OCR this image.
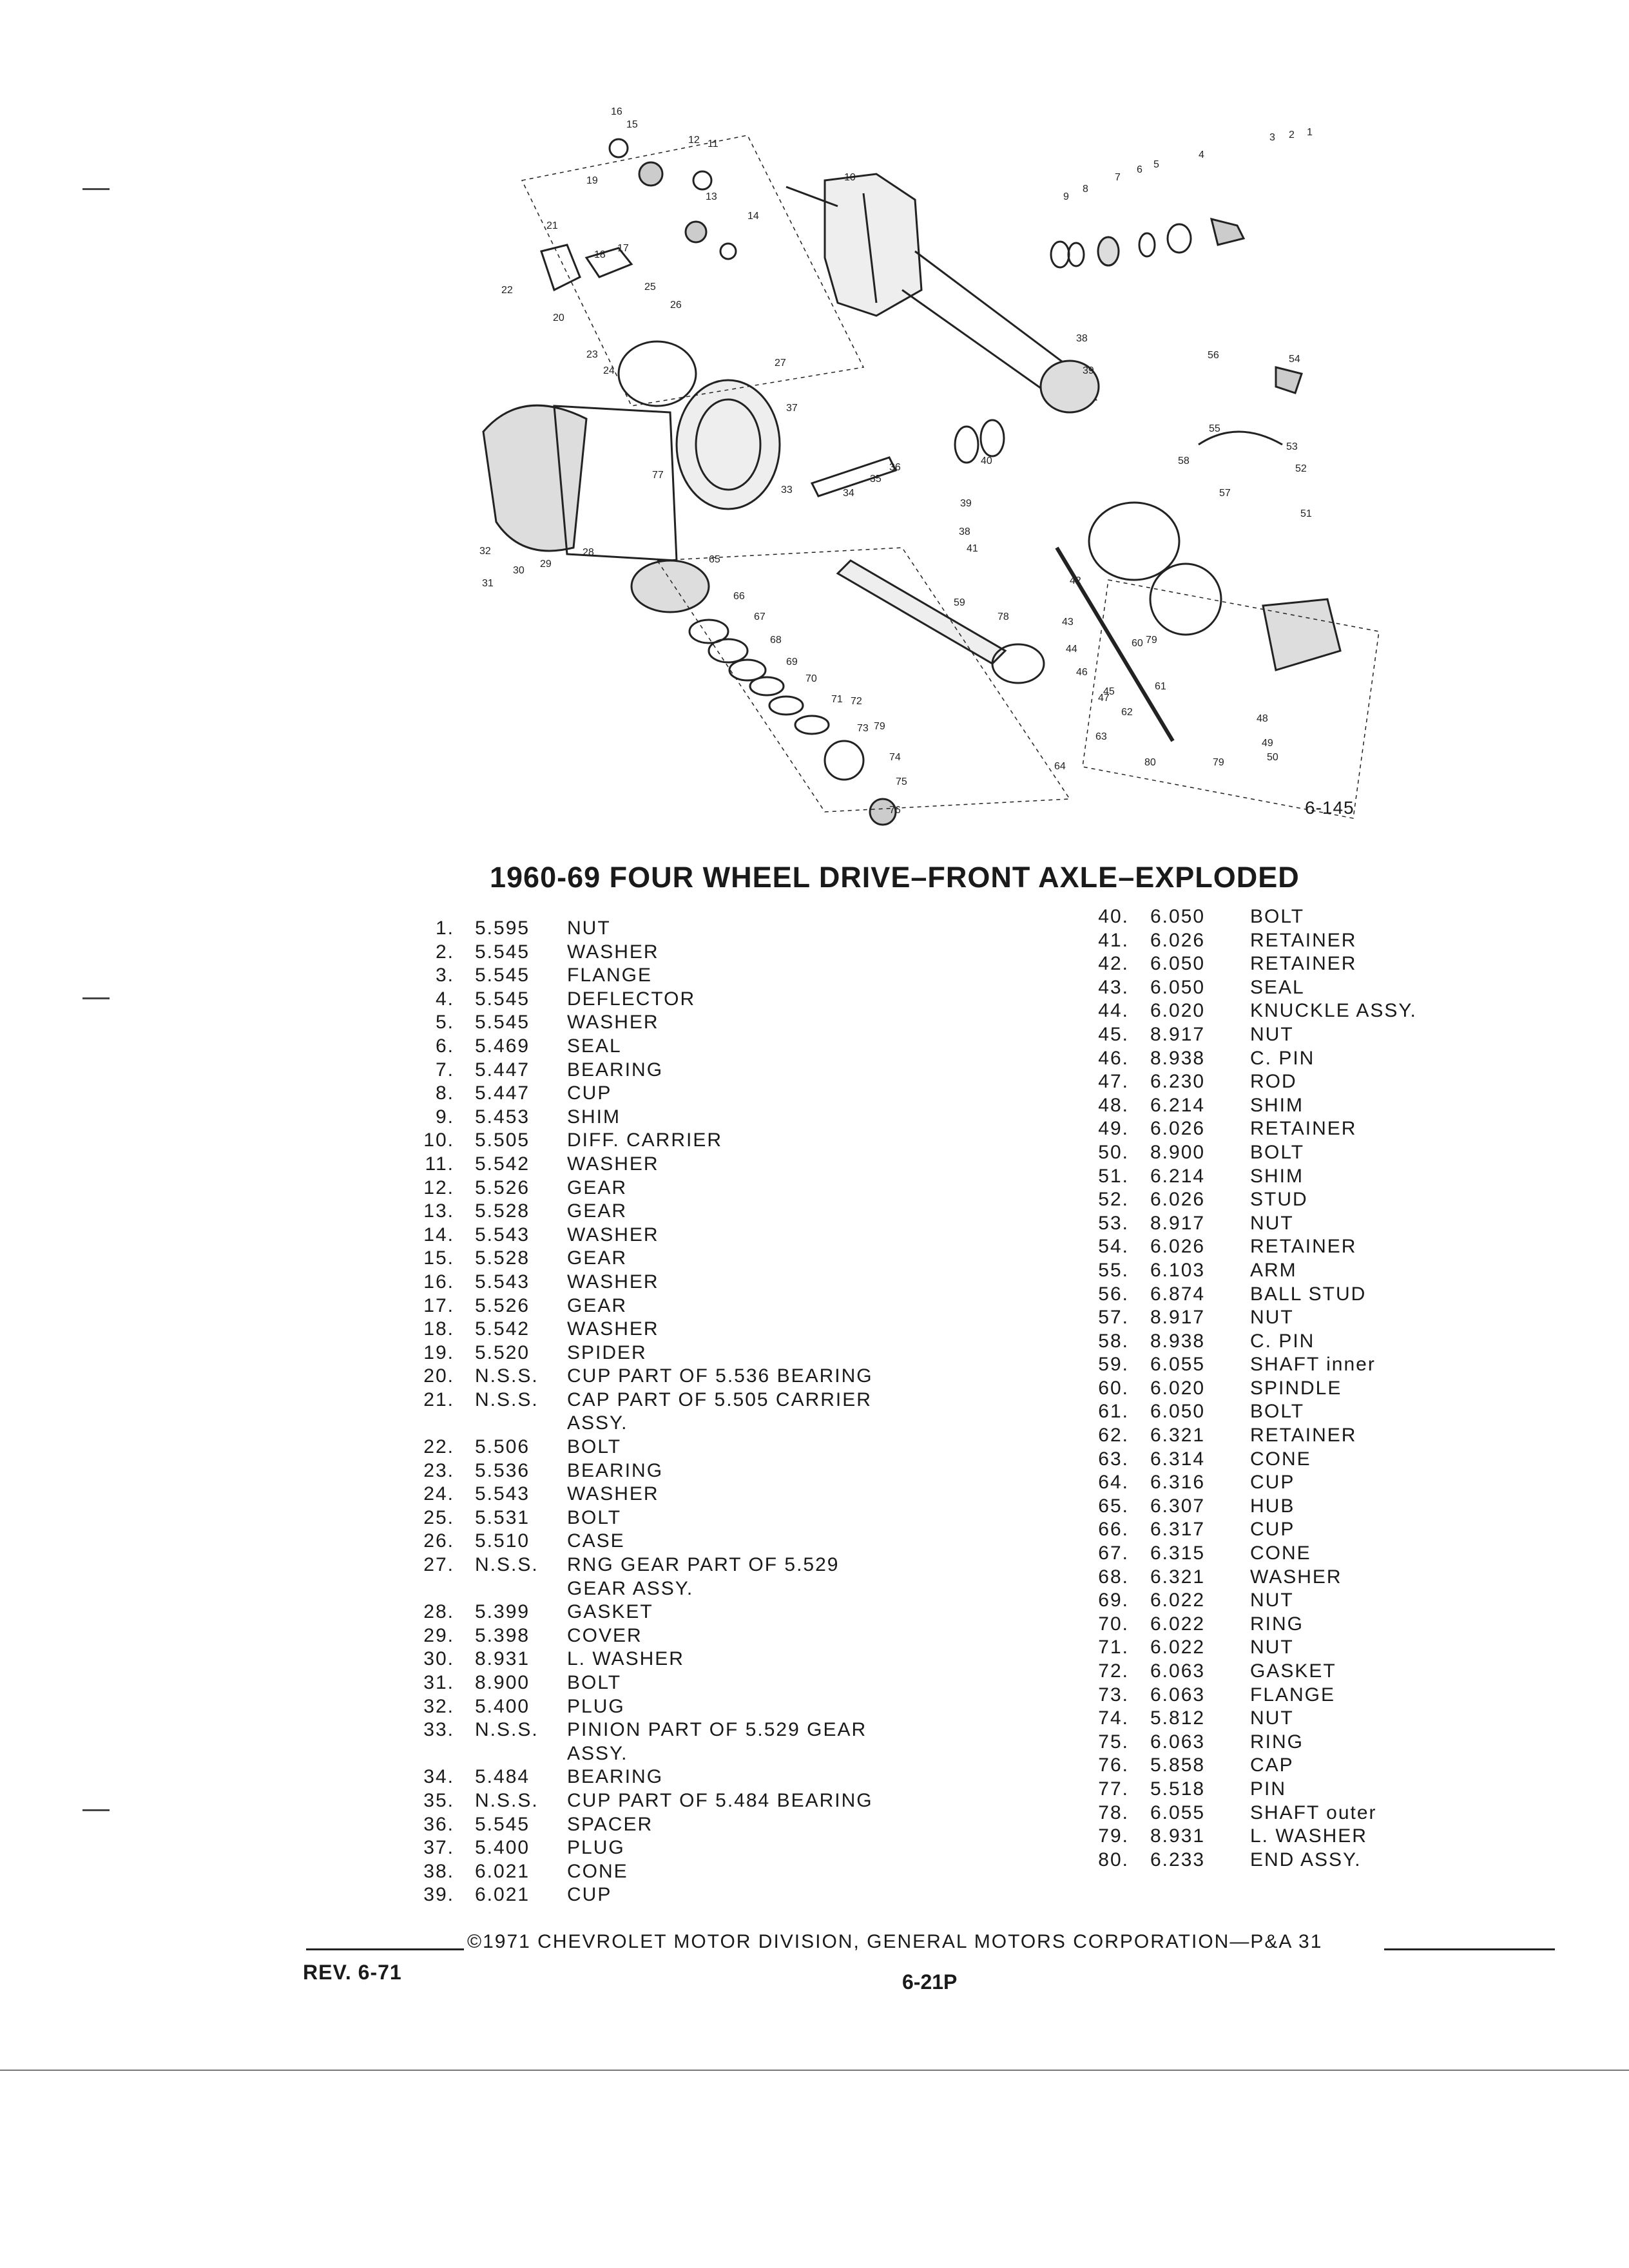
16
15
12 11
13
14
19
21
18
17
22
20
23
24
25
26
27
77
32
31
30
29
28
33	34
35
36
37
38
39
39
38
41
40
42
43
44
46
45
47
80	79
48
49
50
51
52
53
54
55
56
57
58
59
60 79
61
62
63
64
78
65
66
67
68
69
70
71 72
73 79
74
75
76
10
9
8
7
6 5
4
3 2 1
6-145
1960-69 FOUR WHEEL DRIVE–FRONT AXLE–EXPLODED
1. 5.595 NUT
2. 5.545 WASHER
3. 5.545 FLANGE
4. 5.545 DEFLECTOR
5. 5.545 WASHER
6. 5.469 SEAL
7. 5.447 BEARING
8. 5.447 CUP
9. 5.453 SHIM
10. 5.505 DIFF. CARRIER
11. 5.542 WASHER
12. 5.526 GEAR
13. 5.528 GEAR
14. 5.543 WASHER
15. 5.528 GEAR
16. 5.543 WASHER
17. 5.526 GEAR
18. 5.542 WASHER
19. 5.520 SPIDER
20. N.S.S. CUP PART OF 5.536 BEARING
21. N.S.S. CAP PART OF 5.505 CARRIER
ASSY.
22. 5.506 BOLT
23. 5.536 BEARING
24. 5.543 WASHER
25. 5.531 BOLT
26. 5.510 CASE
27. N.S.S. RNG GEAR PART OF 5.529
GEAR ASSY.
28. 5.399 GASKET
29. 5.398 COVER
30. 8.931 L. WASHER
31. 8.900 BOLT
32. 5.400 PLUG
33. N.S.S. PINION PART OF 5.529 GEAR
ASSY.
34. 5.484 BEARING
35. N.S.S. CUP PART OF 5.484 BEARING
36. 5.545 SPACER
37. 5.400 PLUG
38. 6.021 CONE
39. 6.021 CUP
40. 6.050 BOLT
41. 6.026 RETAINER
42. 6.050 RETAINER
43. 6.050 SEAL
44. 6.020 KNUCKLE ASSY.
45. 8.917 NUT
46. 8.938 C. PIN
47. 6.230 ROD
48. 6.214 SHIM
49. 6.026 RETAINER
50. 8.900 BOLT
51. 6.214 SHIM
52. 6.026 STUD
53. 8.917 NUT
54. 6.026 RETAINER
55. 6.103 ARM
56. 6.874 BALL STUD
57. 8.917 NUT
58. 8.938 C. PIN
59. 6.055 SHAFT inner
60. 6.020 SPINDLE
61. 6.050 BOLT
62. 6.321 RETAINER
63. 6.314 CONE
64. 6.316 CUP
65. 6.307 HUB
66. 6.317 CUP
67. 6.315 CONE
68. 6.321 WASHER
69. 6.022 NUT
70. 6.022 RING
71. 6.022 NUT
72. 6.063 GASKET
73. 6.063 FLANGE
74. 5.812 NUT
75. 6.063 RING
76. 5.858 CAP
77. 5.518 PIN
78. 6.055 SHAFT outer
79. 8.931 L. WASHER
80. 6.233 END ASSY.
©1971 CHEVROLET MOTOR DIVISION, GENERAL MOTORS CORPORATION—P&A 31
REV. 6-71	6-21P
